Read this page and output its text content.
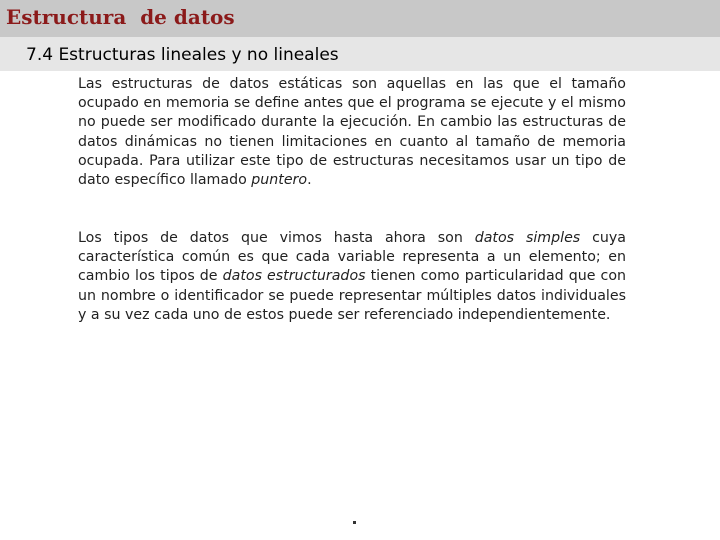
Estructura  de datos
7.4 Estructuras lineales y no lineales

Las estructuras de datos estáticas son aquellas en las que el tamaño ocupado en memoria se define antes que el programa se ejecute y el mismo no puede ser modificado durante la ejecución. En cambio las estructuras de datos dinámicas no tienen limitaciones en cuanto al tamaño de memoria ocupada. Para utilizar este tipo de estructuras necesitamos usar un tipo de dato específico llamado puntero.

Los tipos de datos que vimos hasta ahora son datos simples cuya característica común es que cada variable representa a un elemento; en cambio los tipos de datos estructurados tienen como particularidad que con un nombre o identificador se puede representar múltiples datos individuales y a su vez cada uno de estos puede ser referenciado independientemente.
